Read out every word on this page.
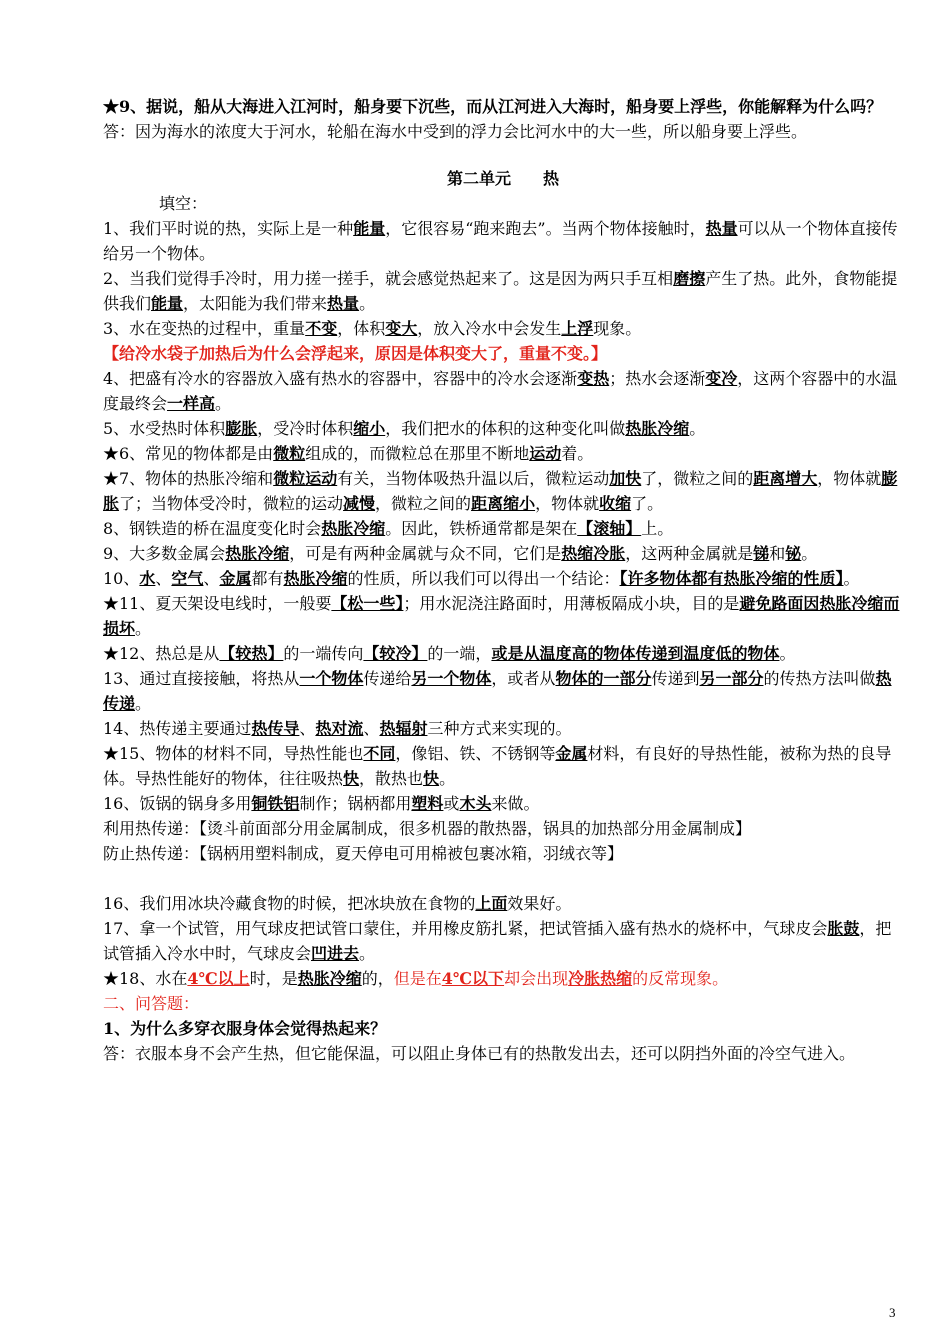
★9、据说，船从大海进入江河时，船身要下沉些，而从江河进入大海时，船身要上浮些，你能解释为什么吗？

答：因为海水的浓度大于河水，轮船在海水中受到的浮力会比河水中的大一些，所以船身要上浮些。

第二单元　　热

填空：

1、我们平时说的热，实际上是一种能量，它很容易“跑来跑去”。当两个物体接触时，热量可以从一个物体直接传给另一个物体。

2、当我们觉得手冷时，用力搓一搓手，就会感觉热起来了。这是因为两只手互相磨擦产生了热。此外，食物能提供我们能量，太阳能为我们带来热量。

3、水在变热的过程中，重量不变，体积变大，放入冷水中会发生上浮现象。

【给冷水袋子加热后为什么会浮起来，原因是体积变大了，重量不变。】

4、把盛有冷水的容器放入盛有热水的容器中，容器中的冷水会逐渐变热；热水会逐渐变冷，这两个容器中的水温度最终会一样高。

5、水受热时体积膨胀，受冷时体积缩小，我们把水的体积的这种变化叫做热胀冷缩。

★6、常见的物体都是由微粒组成的，而微粒总在那里不断地运动着。

★7、物体的热胀冷缩和微粒运动有关，当物体吸热升温以后，微粒运动加快了，微粒之间的距离增大，物体就膨胀了；当物体受冷时，微粒的运动减慢，微粒之间的距离缩小，物体就收缩了。

8、钢铁造的桥在温度变化时会热胀冷缩。因此，铁桥通常都是架在【滚轴】上。

9、大多数金属会热胀冷缩，可是有两种金属就与众不同，它们是热缩冷胀，这两种金属就是锑和铋。

10、水、空气、金属都有热胀冷缩的性质，所以我们可以得出一个结论：【许多物体都有热胀冷缩的性质】。

★11、夏天架设电线时，一般要【松一些】；用水泥浇注路面时，用薄板隔成小块，目的是避免路面因热胀冷缩而损坏。

★12、热总是从【较热】的一端传向【较冷】的一端，或是从温度高的物体传递到温度低的物体。

13、通过直接接触，将热从一个物体传递给另一个物体，或者从物体的一部分传递到另一部分的传热方法叫做热传递。

14、热传递主要通过热传导、热对流、热辐射三种方式来实现的。

★15、物体的材料不同，导热性能也不同，像铝、铁、不锈钢等金属材料，有良好的导热性能，被称为热的良导体。导热性能好的物体，往往吸热快，散热也快。

16、饭锅的锅身多用铜铁铝制作；锅柄都用塑料或木头来做。

利用热传递：【烫斗前面部分用金属制成，很多机器的散热器，锅具的加热部分用金属制成】

防止热传递：【锅柄用塑料制成，夏天停电可用棉被包裹冰箱，羽绒衣等】

16、我们用冰块冷藏食物的时候，把冰块放在食物的上面效果好。

17、拿一个试管，用气球皮把试管口蒙住，并用橡皮筋扎紧，把试管插入盛有热水的烧杯中，气球皮会胀鼓，把试管插入冷水中时，气球皮会凹进去。

★18、水在4℃以上时，是热胀冷缩的，但是在4℃以下却会出现冷胀热缩的反常现象。

二、问答题：

1、为什么多穿衣服身体会觉得热起来？

答：衣服本身不会产生热，但它能保温，可以阻止身体已有的热散发出去，还可以阴挡外面的冷空气进入。

3
